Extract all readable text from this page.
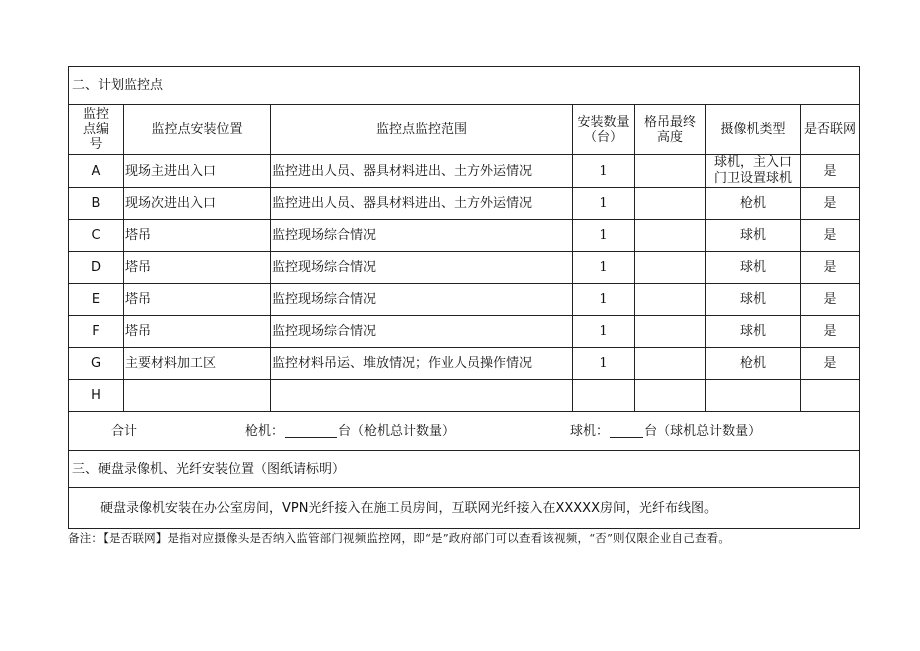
二、计划监控点						
监控点编号	监控点安装位置	监控点监控范围	安装数量（台）	格吊最终高度	摄像机类型	是否联网
A	现场主进出入口	监控进出人员、器具材料进出、土方外运情况	1		球机，主入口门卫设置球机	是
B	现场次进出入口	监控进出人员、器具材料进出、土方外运情况	1		枪机	是
C	塔吊	监控现场综合情况	1		球机	是
D	塔吊	监控现场综合情况	1		球机	是
E	塔吊	监控现场综合情况	1		球机	是
F	塔吊	监控现场综合情况	1		球机	是
G	主要材料加工区	监控材料吊运、堆放情况；作业人员操作情况	1		枪机	是
H						

合计 枪机： 台（枪机总计数量） 球机： 台（球机总计数量）						

三、硬盘录像机、光纤安装位置（图纸请标明）						
硬盘录像机安装在办公室房间，VPN光纤接入在施工员房间，互联网光纤接入在XXXXX房间，光纤布线图。						
备注：【是否联网】是指对应摄像头是否纳入监管部门视频监控网，即“是”政府部门可以查看该视频，“否”则仅限企业自己查看。
